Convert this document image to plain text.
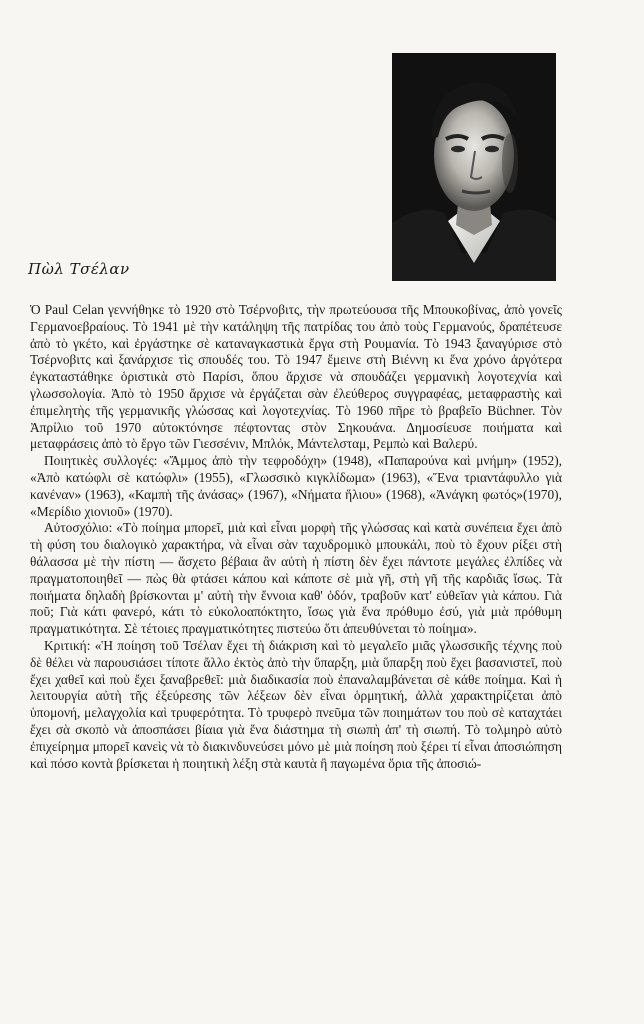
Πὼλ Τσέλαν

Ὁ Paul Celan γεννήθηκε τὸ 1920 στὸ Τσέρνοβιτς, τὴν πρωτεύουσα τῆς Μπουκοβίνας, ἀπὸ γονεῖς Γερμανοεβραίους. Τὸ 1941 μὲ τὴν κατάληψη τῆς πατρίδας του ἀπὸ τοὺς Γερμανούς, δραπέτευσε ἀπὸ τὸ γκέτο, καὶ ἐργάστηκε σὲ καταναγκαστικὰ ἔργα στὴ Ρουμανία. Τὸ 1943 ξαναγύρισε στὸ Τσέρνοβιτς καὶ ξανάρχισε τὶς σπουδές του. Τὸ 1947 ἔμεινε στὴ Βιέννη κι ἕνα χρόνο ἀργότερα ἐγκαταστάθηκε ὁριστικὰ στὸ Παρίσι, ὅπου ἄρχισε νὰ σπουδάζει γερμανικὴ λογοτεχνία καὶ γλωσσολογία. Ἀπὸ τὸ 1950 ἄρχισε νὰ ἐργάζεται σὰν ἐλεύθερος συγγραφέας, μεταφραστὴς καὶ ἐπιμελητὴς τῆς γερμανικῆς γλώσσας καὶ λογοτεχνίας. Τὸ 1960 πῆρε τὸ βραβεῖο Büchner. Τὸν Ἀπρίλιο τοῦ 1970 αὐτοκτόνησε πέφτοντας στὸν Σηκουάνα. Δημοσίευσε ποιήματα καὶ μεταφράσεις ἀπὸ τὸ ἔργο τῶν Γιεσσένιν, Μπλόκ, Μάντελσταμ, Ρεμπὼ καὶ Βαλερύ.

Ποιητικὲς συλλογές: «Ἄμμος ἀπὸ τὴν τεφροδόχη» (1948), «Παπαρούνα καὶ μνήμη» (1952), «Ἀπὸ κατώφλι σὲ κατώφλι» (1955), «Γλωσσικὸ κιγκλίδωμα» (1963), «Ἕνα τριαντάφυλλο γιὰ κανέναν» (1963), «Καμπὴ τῆς ἀνάσας» (1967), «Νήματα ἥλιου» (1968), «Ἀνάγκη φωτός»(1970), «Μερίδιο χιονιοῦ» (1970).

Αὐτοσχόλιο: «Τὸ ποίημα μπορεῖ, μιὰ καὶ εἶναι μορφὴ τῆς γλώσσας καὶ κατὰ συνέπεια ἔχει ἀπὸ τὴ φύση του διαλογικὸ χαρακτήρα, νὰ εἶναι σὰν ταχυδρομικὸ μπουκάλι, ποὺ τὸ ἔχουν ρίξει στὴ θάλασσα μὲ τὴν πίστη — ἄσχετο βέβαια ἂν αὐτὴ ἡ πίστη δὲν ἔχει πάντοτε μεγάλες ἐλπίδες νὰ πραγματοποιηθεῖ — πὼς θὰ φτάσει κάπου καὶ κάποτε σὲ μιὰ γῆ, στὴ γῆ τῆς καρδιᾶς ἴσως. Τὰ ποιήματα δηλαδὴ βρίσκονται μ' αὐτὴ τὴν ἔννοια καθ' ὁδόν, τραβοῦν κατ' εὐθεῖαν γιὰ κάπου. Γιὰ ποῦ; Γιὰ κάτι φανερό, κάτι τὸ εὐκολοαπόκτητο, ἴσως γιὰ ἕνα πρόθυμο ἐσύ, γιὰ μιὰ πρόθυμη πραγματικότητα. Σὲ τέτοιες πραγματικότητες πιστεύω ὅτι ἀπευθύνεται τὸ ποίημα».

Κριτική: «Ἡ ποίηση τοῦ Τσέλαν ἔχει τὴ διάκριση καὶ τὸ μεγαλεῖο μιᾶς γλωσσικῆς τέχνης ποὺ δὲ θέλει νὰ παρουσιάσει τίποτε ἄλλο ἐκτὸς ἀπὸ τὴν ὕπαρξη, μιὰ ὕπαρξη ποὺ ἔχει βασανιστεῖ, ποὺ ἔχει χαθεῖ καὶ ποὺ ἔχει ξαναβρεθεῖ: μιὰ διαδικασία ποὺ ἐπαναλαμβάνεται σὲ κάθε ποίημα. Καὶ ἡ λειτουργία αὐτὴ τῆς ἐξεύρεσης τῶν λέξεων δὲν εἶναι ὁρμητική, ἀλλὰ χαρακτηρίζεται ἀπὸ ὑπομονή, μελαγχολία καὶ τρυφερότητα. Τὸ τρυφερὸ πνεῦμα τῶν ποιημάτων του ποὺ σὲ καταχτάει ἔχει σὰ σκοπὸ νὰ ἀποσπάσει βίαια γιὰ ἕνα διάστημα τὴ σιωπὴ ἀπ' τὴ σιωπή. Τὸ τολμηρὸ αὐτὸ ἐπιχείρημα μπορεῖ κανεὶς νὰ τὸ διακινδυνεύσει μόνο μὲ μιὰ ποίηση ποὺ ξέρει τί εἶναι ἀποσιώπηση καὶ πόσο κοντὰ βρίσκεται ἡ ποιητικὴ λέξη στὰ καυτὰ ἢ παγωμένα ὅρια τῆς ἀποσιώ-
